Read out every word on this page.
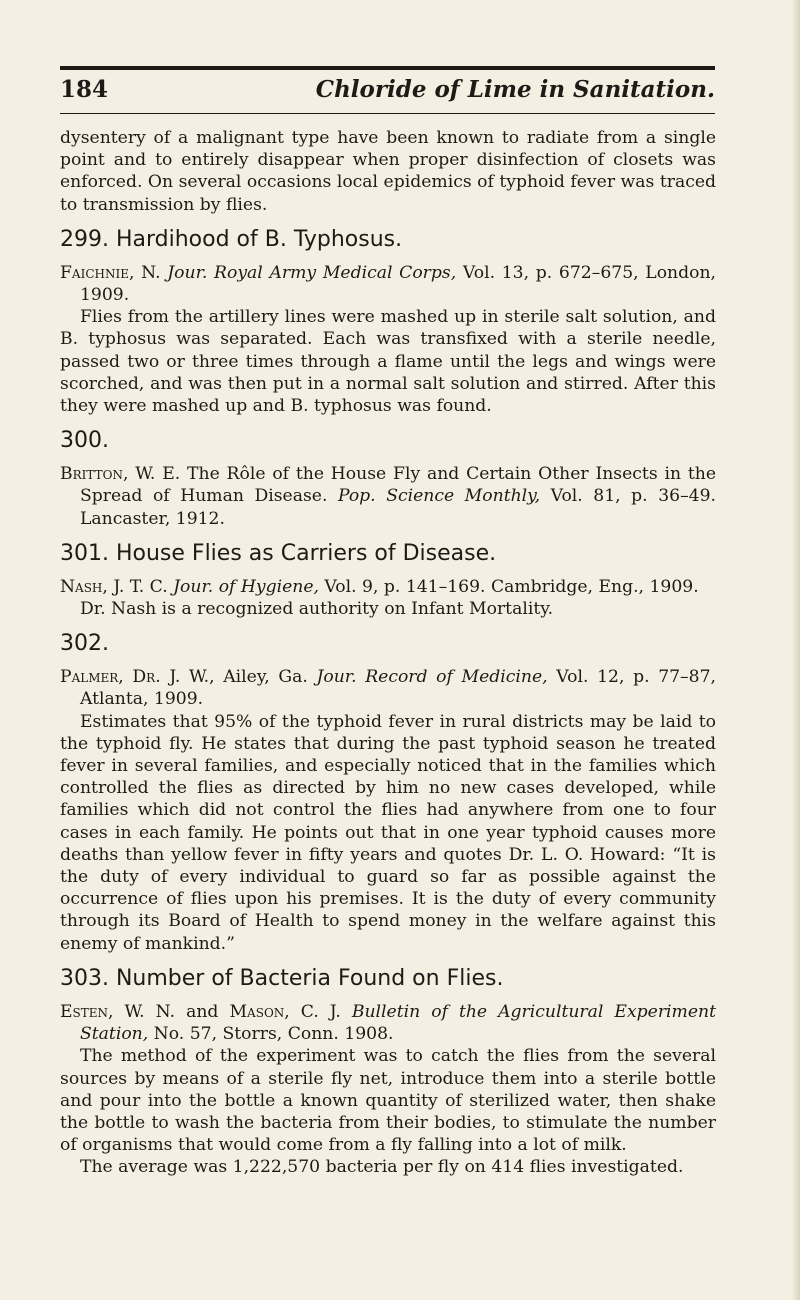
184	Chloride of Lime in Sanitation.

dysentery of a malignant type have been known to radiate from a single point and to entirely disappear when proper disinfection of closets was enforced. On several occasions local epidemics of typhoid fever was traced to transmission by flies.

299. Hardihood of B. Typhosus.

Faichnie, N. Jour. Royal Army Medical Corps, Vol. 13, p. 672–675, London, 1909.

Flies from the artillery lines were mashed up in sterile salt solution, and B. typhosus was separated. Each was transfixed with a sterile needle, passed two or three times through a flame until the legs and wings were scorched, and was then put in a normal salt solution and stirred. After this they were mashed up and B. typhosus was found.

300.

Britton, W. E. The Rôle of the House Fly and Certain Other Insects in the Spread of Human Disease. Pop. Science Monthly, Vol. 81, p. 36–49. Lancaster, 1912.

301. House Flies as Carriers of Disease.

Nash, J. T. C. Jour. of Hygiene, Vol. 9, p. 141–169. Cambridge, Eng., 1909.

Dr. Nash is a recognized authority on Infant Mortality.

302.

Palmer, Dr. J. W., Ailey, Ga. Jour. Record of Medicine, Vol. 12, p. 77–87, Atlanta, 1909.

Estimates that 95% of the typhoid fever in rural districts may be laid to the typhoid fly. He states that during the past typhoid season he treated fever in several families, and especially noticed that in the families which controlled the flies as directed by him no new cases developed, while families which did not control the flies had anywhere from one to four cases in each family. He points out that in one year typhoid causes more deaths than yellow fever in fifty years and quotes Dr. L. O. Howard: “It is the duty of every individual to guard so far as possible against the occurrence of flies upon his premises. It is the duty of every community through its Board of Health to spend money in the welfare against this enemy of mankind.”

303. Number of Bacteria Found on Flies.

Esten, W. N. and Mason, C. J. Bulletin of the Agricultural Experiment Station, No. 57, Storrs, Conn. 1908.

The method of the experiment was to catch the flies from the several sources by means of a sterile fly net, introduce them into a sterile bottle and pour into the bottle a known quantity of sterilized water, then shake the bottle to wash the bacteria from their bodies, to stimulate the number of organisms that would come from a fly falling into a lot of milk.

The average was 1,222,570 bacteria per fly on 414 flies investigated.
